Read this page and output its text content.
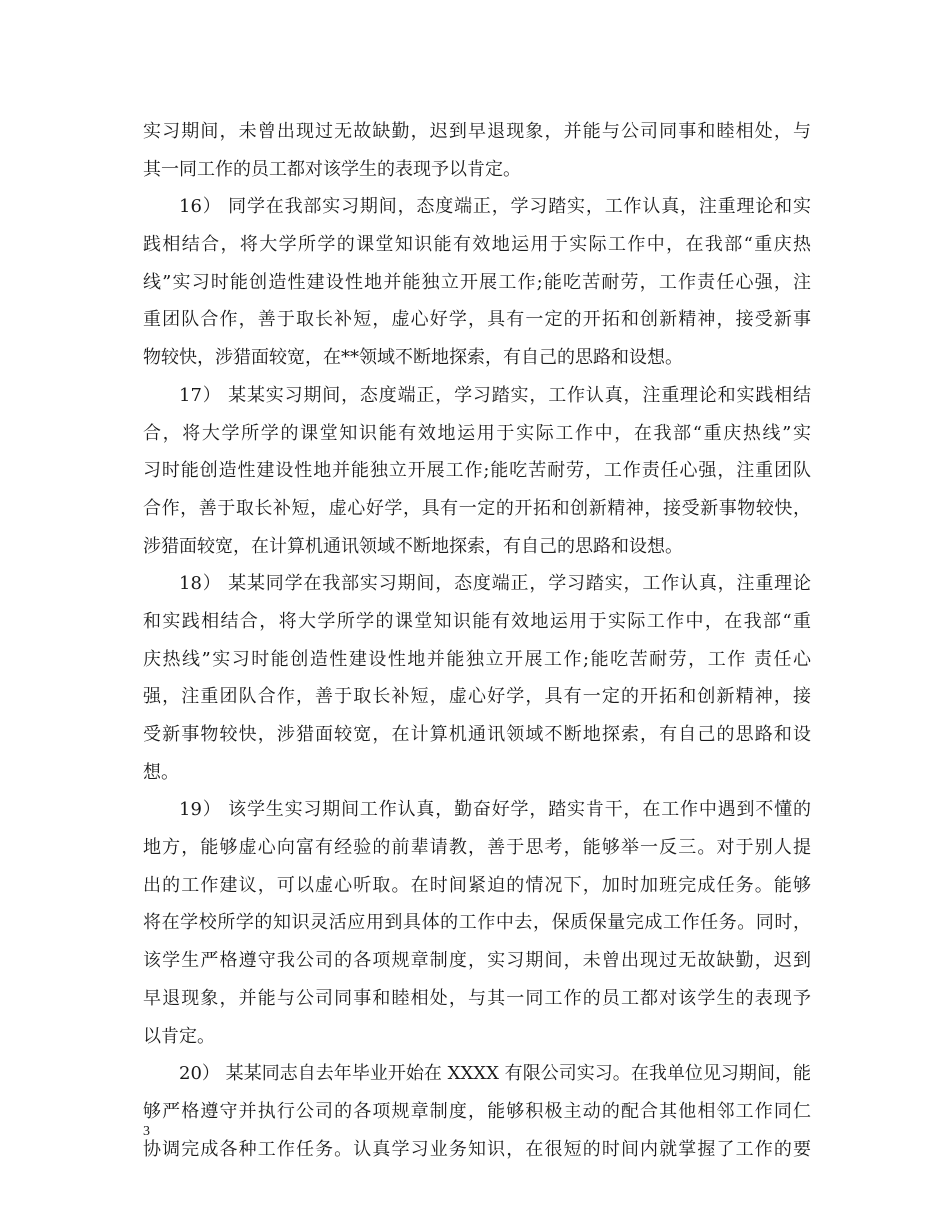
实习期间，未曾出现过无故缺勤，迟到早退现象，并能与公司同事和睦相处，与
其一同工作的员工都对该学生的表现予以肯定。
16） 同学在我部实习期间，态度端正，学习踏实，工作认真，注重理论和实
践相结合，将大学所学的课堂知识能有效地运用于实际工作中，在我部“重庆热
线”实习时能创造性建设性地并能独立开展工作;能吃苦耐劳，工作责任心强，注
重团队合作，善于取长补短，虚心好学，具有一定的开拓和创新精神，接受新事
物较快，涉猎面较宽，在**领域不断地探索，有自己的思路和设想。
17） 某某实习期间，态度端正，学习踏实，工作认真，注重理论和实践相结
合，将大学所学的课堂知识能有效地运用于实际工作中，在我部“重庆热线”实
习时能创造性建设性地并能独立开展工作;能吃苦耐劳，工作责任心强，注重团队
合作，善于取长补短，虚心好学，具有一定的开拓和创新精神，接受新事物较快，
涉猎面较宽，在计算机通讯领域不断地探索，有自己的思路和设想。
18） 某某同学在我部实习期间，态度端正，学习踏实，工作认真，注重理论
和实践相结合，将大学所学的课堂知识能有效地运用于实际工作中，在我部“重
庆热线”实习时能创造性建设性地并能独立开展工作;能吃苦耐劳，工作 责任心
强，注重团队合作，善于取长补短，虚心好学，具有一定的开拓和创新精神，接
受新事物较快，涉猎面较宽，在计算机通讯领域不断地探索，有自己的思路和设
想。
19） 该学生实习期间工作认真，勤奋好学，踏实肯干，在工作中遇到不懂的
地方，能够虚心向富有经验的前辈请教，善于思考，能够举一反三。对于别人提
出的工作建议，可以虚心听取。在时间紧迫的情况下，加时加班完成任务。能够
将在学校所学的知识灵活应用到具体的工作中去，保质保量完成工作任务。同时，
该学生严格遵守我公司的各项规章制度，实习期间，未曾出现过无故缺勤，迟到
早退现象，并能与公司同事和睦相处，与其一同工作的员工都对该学生的表现予
以肯定。
20） 某某同志自去年毕业开始在 XXXX 有限公司实习。在我单位见习期间，能
够严格遵守并执行公司的各项规章制度，能够积极主动的配合其他相邻工作同仁
协调完成各种工作任务。认真学习业务知识，在很短的时间内就掌握了工作的要
3
